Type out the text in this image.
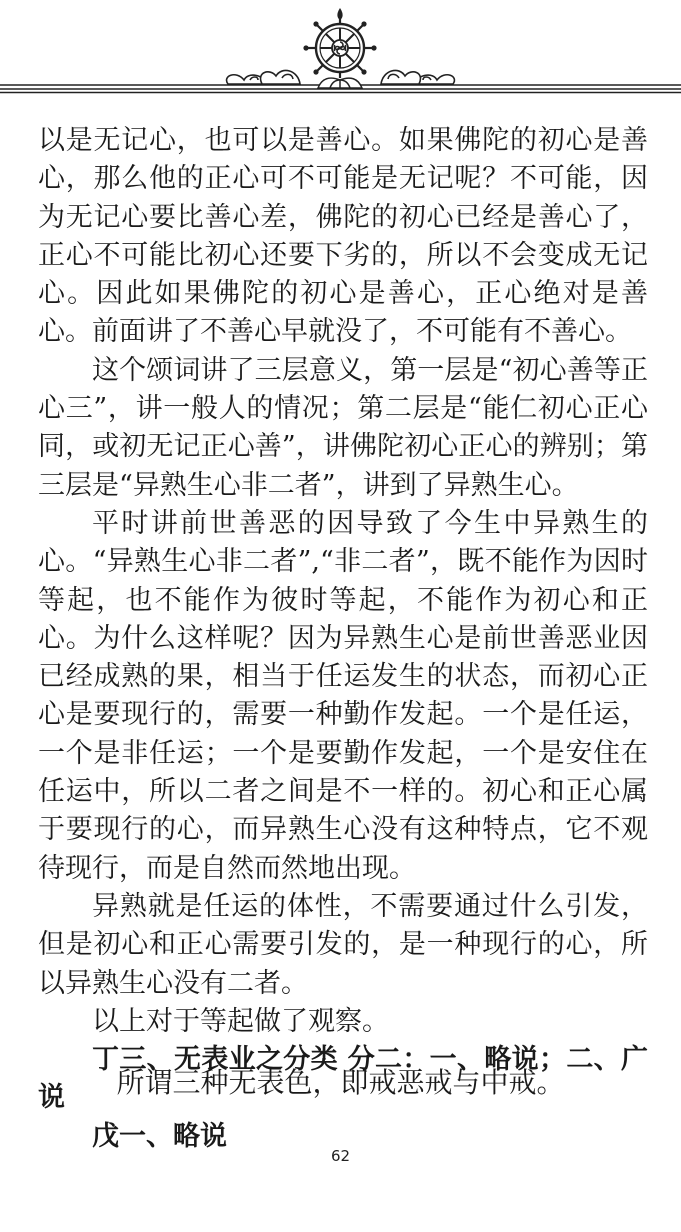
以是无记心，也可以是善心。如果佛陀的初心是善心，那么他的正心可不可能是无记呢？不可能，因为无记心要比善心差，佛陀的初心已经是善心了，正心不可能比初心还要下劣的，所以不会变成无记心。因此如果佛陀的初心是善心，正心绝对是善心。前面讲了不善心早就没了，不可能有不善心。

这个颂词讲了三层意义，第一层是“初心善等正心三”，讲一般人的情况；第二层是“能仁初心正心同，或初无记正心善”，讲佛陀初心正心的辨别；第三层是“异熟生心非二者”，讲到了异熟生心。

平时讲前世善恶的因导致了今生中异熟生的心。“异熟生心非二者”,“非二者”，既不能作为因时等起，也不能作为彼时等起，不能作为初心和正心。为什么这样呢？因为异熟生心是前世善恶业因已经成熟的果，相当于任运发生的状态，而初心正心是要现行的，需要一种勤作发起。一个是任运，一个是非任运；一个是要勤作发起，一个是安住在任运中，所以二者之间是不一样的。初心和正心属于要现行的心，而异熟生心没有这种特点，它不观待现行，而是自然而然地出现。

异熟就是任运的体性，不需要通过什么引发，但是初心和正心需要引发的，是一种现行的心，所以异熟生心没有二者。

以上对于等起做了观察。

丁三、无表业之分类 分二：一、略说；二、广说

戊一、略说

所谓三种无表色，即戒恶戒与中戒。
62
